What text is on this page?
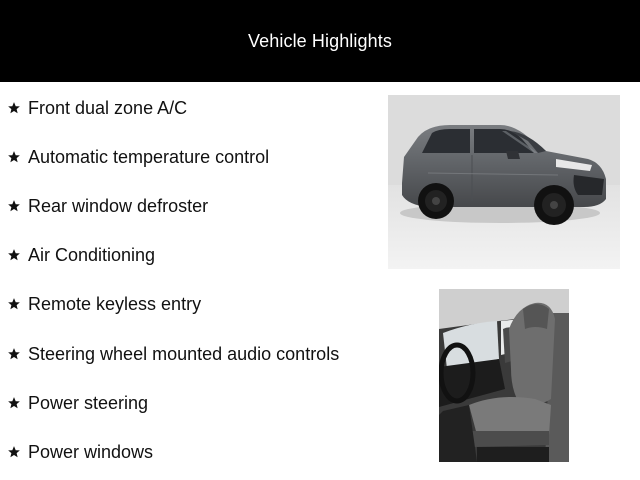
Vehicle Highlights
Front dual zone A/C
Automatic temperature control
Rear window defroster
Air Conditioning
Remote keyless entry
Steering wheel mounted audio controls
Power steering
Power windows
